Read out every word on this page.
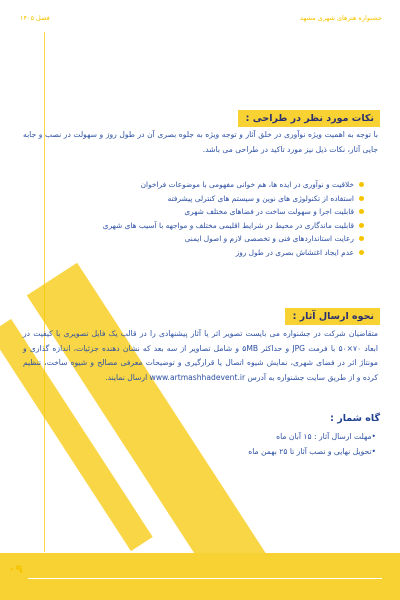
جشنواره هنرهای شهری مشهد
فصل ۱۴۰۵
نکات مورد نظر در طراحی :

با توجه به اهمیت ویژه نوآوری در خلق آثار و توجه ویژه به جلوه بصری آن در طول روز و سهولت در نصب و جابه جایی آثار، نکات ذیل نیز مورد تاکید در طراحی می باشد.

خلاقیت و نوآوری در ایده ها، هم خوانی مفهومی با موضوعات فراخوان
استفاده از تکنولوژی های نوین و سیستم های کنترلی پیشرفته
قابلیت اجرا و سهولت ساخت در فضاهای مختلف شهری
قابلیت ماندگاری در محیط در شرایط اقلیمی مختلف و مواجهه با آسیب های شهری
رعایت استانداردهای فنی و تخصصی لازم و اصول ایمنی
عدم ایجاد اغتشاش بصری در طول روز
نحوه ارسال آثار :

متقاضیان شرکت در جشنواره می بایست تصویر اثر یا آثار پیشنهادی را در قالب یک فایل تصویری با کیفیت در ابعاد ۷۰×۵۰ با فرمت JPG و حداکثر ۵MB و شامل تصاویر از سه بعد که نشان دهنده جزئیات، اندازه گذاری و مونتاژ اثر در فضای شهری، نمایش شیوه اتصال یا قرارگیری و توضیحات معرفی مصالح و شیوه ساخت، تنظیم کرده و از طریق سایت جشنواره به آدرس www.artmashhadevent.ir ارسال نمایند.

گاه شمار :
•مهلت ارسال آثار : ۱۵ آبان ماه
•تحویل نهایی و نصب آثار تا ۲۵ بهمن ماه
۰۹
